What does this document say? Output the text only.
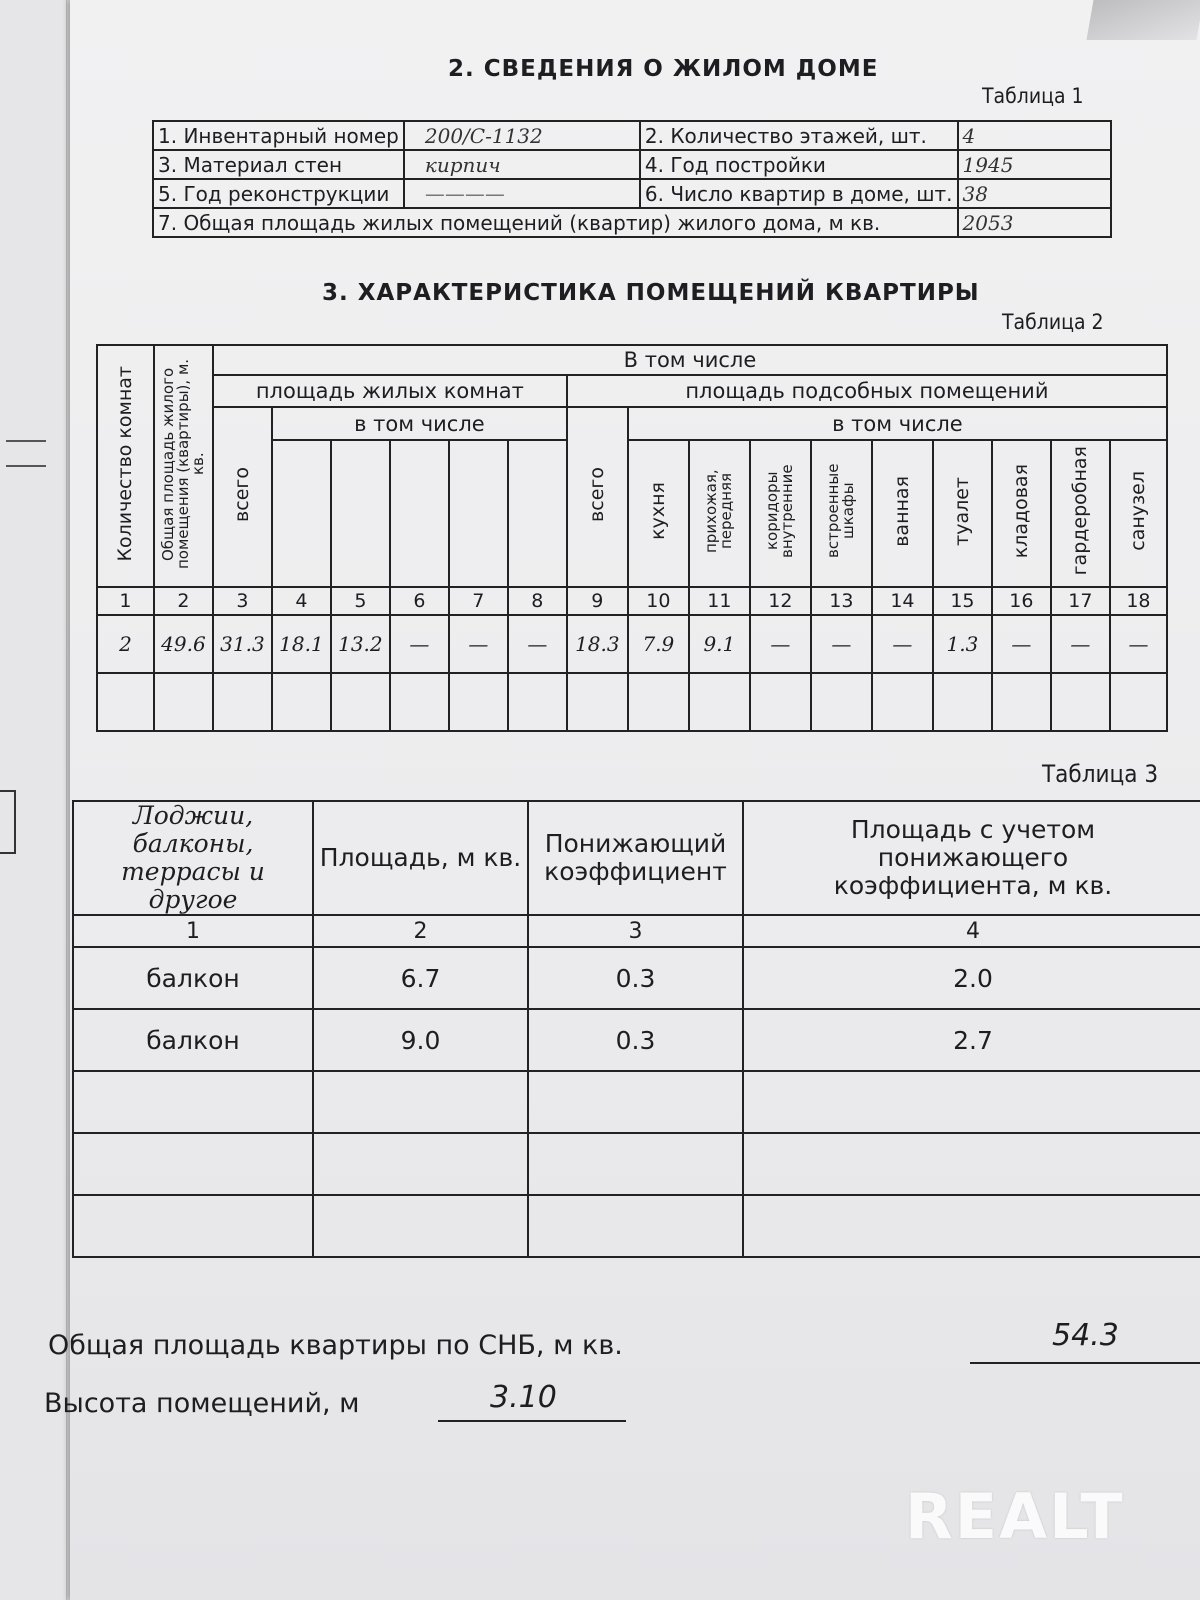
2. СВЕДЕНИЯ О ЖИЛОМ ДОМЕ
Таблица 1
1. Инвентарный номер	200/С-1132	2. Количество этажей, шт.	4
3. Материал стен	кирпич	4. Год постройки	1945
5. Год реконструкции	————	6. Число квартир в доме, шт.	38
7. Общая площадь жилых помещений (квартир) жилого дома, м кв.			2053
3. ХАРАКТЕРИСТИКА ПОМЕЩЕНИЙ КВАРТИРЫ
Таблица 2
Количество комнат	Общая площадь жилого помещения (квартиры), м. кв.	В том числе															
		площадь жилых комнат						площадь подсобных помещений									
		всего	в том числе					всего	в том числе								
									кухня	прихожая, передняя	коридоры внутренние	встроенные шкафы	ванная	туалет	кладовая	гардеробная	санузел
1	2	3	4	5	6	7	8	9	10	11	12	13	14	15	16	17	18
2	49.6	31.3	18.1	13.2	—	—	—	18.3	7.9	9.1	—	—	—	1.3	—	—	—

Таблица 3
Лоджии, балконы, террасы и другое	Площадь, м кв.	Понижающий коэффициент	Площадь с учетом понижающего коэффициента, м кв.
1	2	3	4
балкон	6.7	0.3	2.0
балкон	9.0	0.3	2.7

Общая площадь квартиры по СНБ, м кв.	54.3
Высота помещений, м	3.10
REALT
